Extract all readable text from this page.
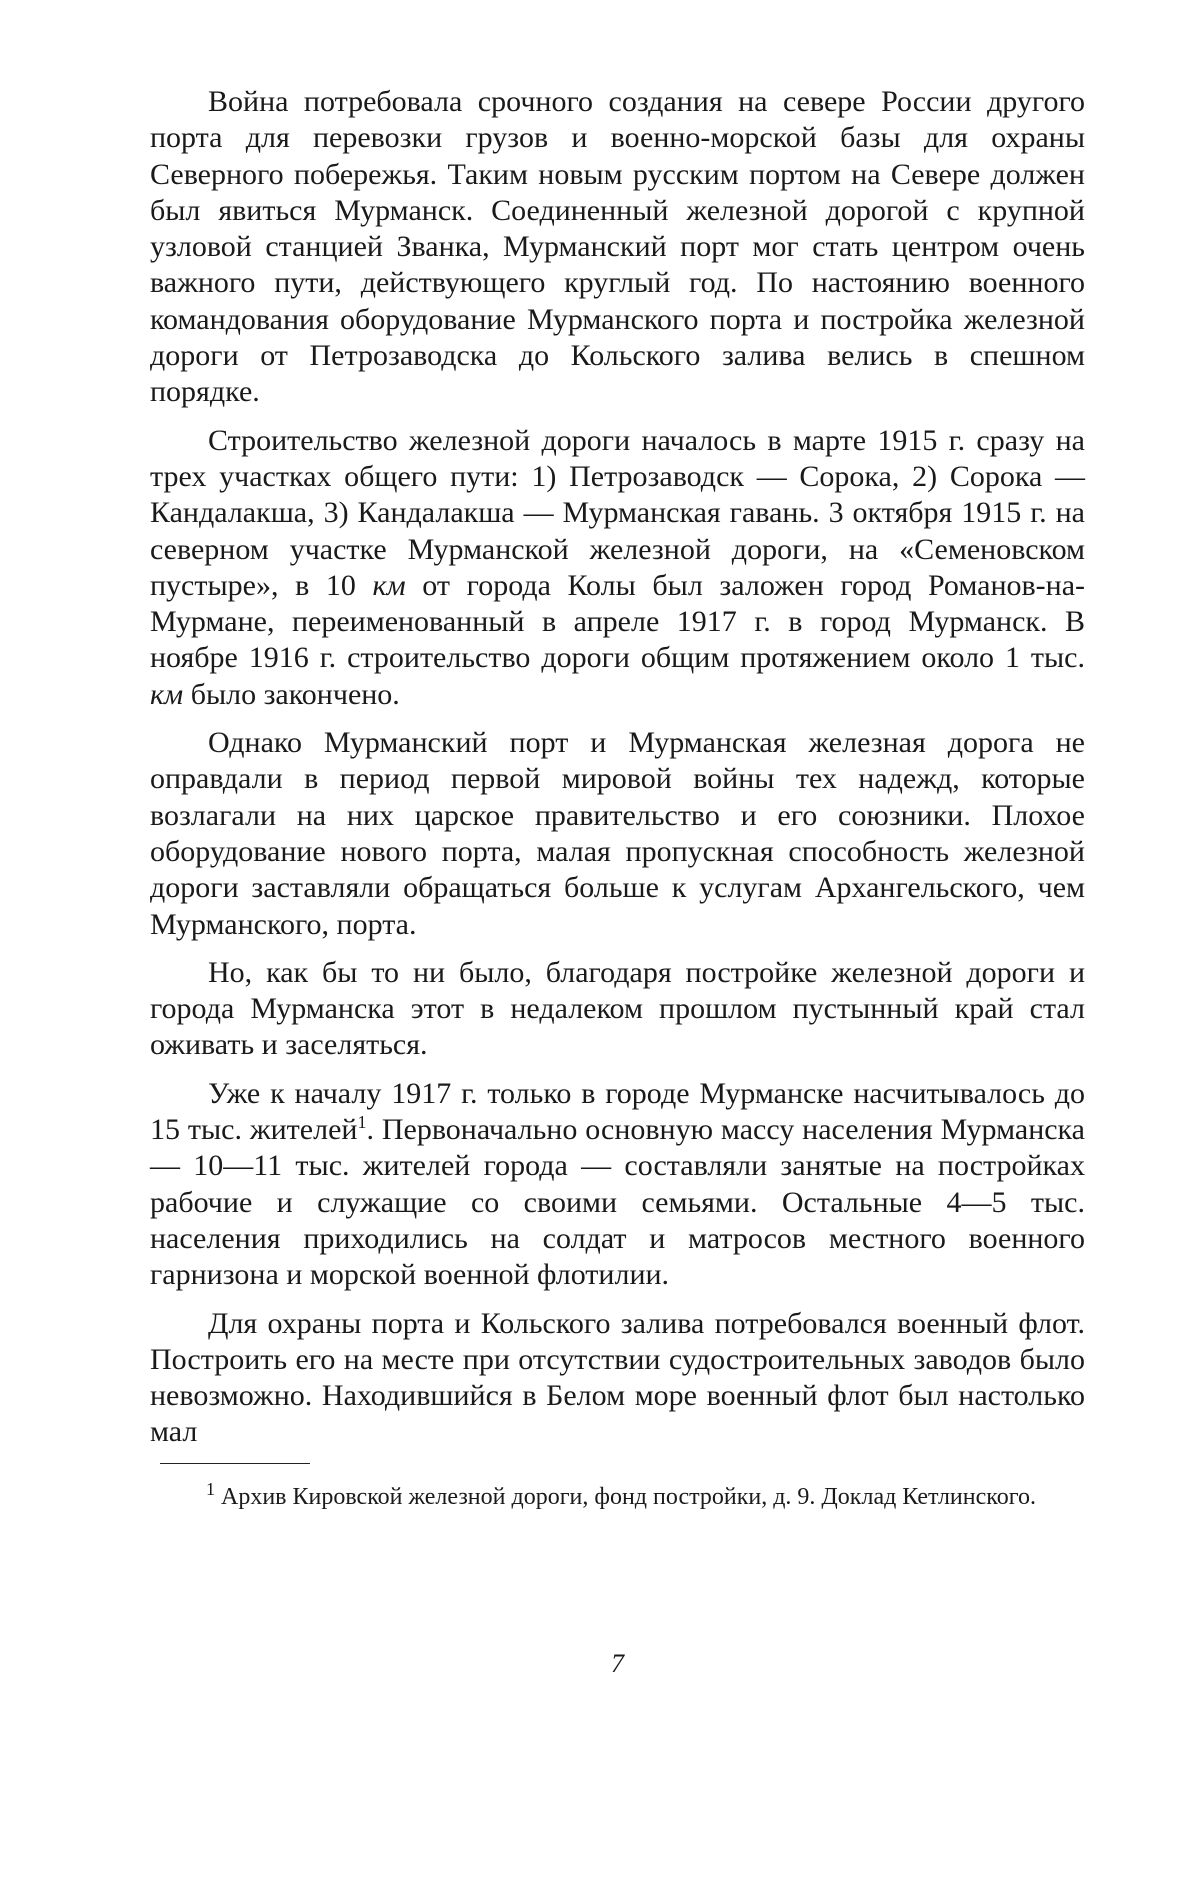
Война потребовала срочного создания на севере России другого порта для перевозки грузов и военно-морской базы для охраны Северного побережья. Таким новым русским портом на Севере должен был явиться Мурманск. Соединенный железной дорогой с крупной узловой станцией Званка, Мурманский порт мог стать центром очень важного пути, действующего круглый год. По настоянию военного командования оборудование Мурманского порта и постройка железной дороги от Петрозаводска до Кольского залива велись в спешном порядке.

Строительство железной дороги началось в марте 1915 г. сразу на трех участках общего пути: 1) Петрозаводск — Сорока, 2) Сорока — Кандалакша, 3) Кандалакша — Мурманская гавань. 3 октября 1915 г. на северном участке Мурманской железной дороги, на «Семеновском пустыре», в 10 км от города Колы был заложен город Романов-на-Мурмане, переименованный в апреле 1917 г. в город Мурманск. В ноябре 1916 г. строительство дороги общим протяжением около 1 тыс. км было закончено.

Однако Мурманский порт и Мурманская железная дорога не оправдали в период первой мировой войны тех надежд, которые возлагали на них царское правительство и его союзники. Плохое оборудование нового порта, малая пропускная способность железной дороги заставляли обращаться больше к услугам Архангельского, чем Мурманского, порта.

Но, как бы то ни было, благодаря постройке железной дороги и города Мурманска этот в недалеком прошлом пустынный край стал оживать и заселяться.

Уже к началу 1917 г. только в городе Мурманске насчитывалось до 15 тыс. жителей$^1$. Первоначально основную массу населения Мурманска — 10—11 тыс. жителей города — составляли занятые на постройках рабочие и служащие со своими семьями. Остальные 4—5 тыс. населения приходились на солдат и матросов местного военного гарнизона и морской военной флотилии.

Для охраны порта и Кольского залива потребовался военный флот. Построить его на месте при отсутствии судостроительных заводов было невозможно. Находившийся в Белом море военный флот был настолько мал

$^1$ Архив Кировской железной дороги, фонд постройки, д. 9. Доклад Кетлинского.

7
